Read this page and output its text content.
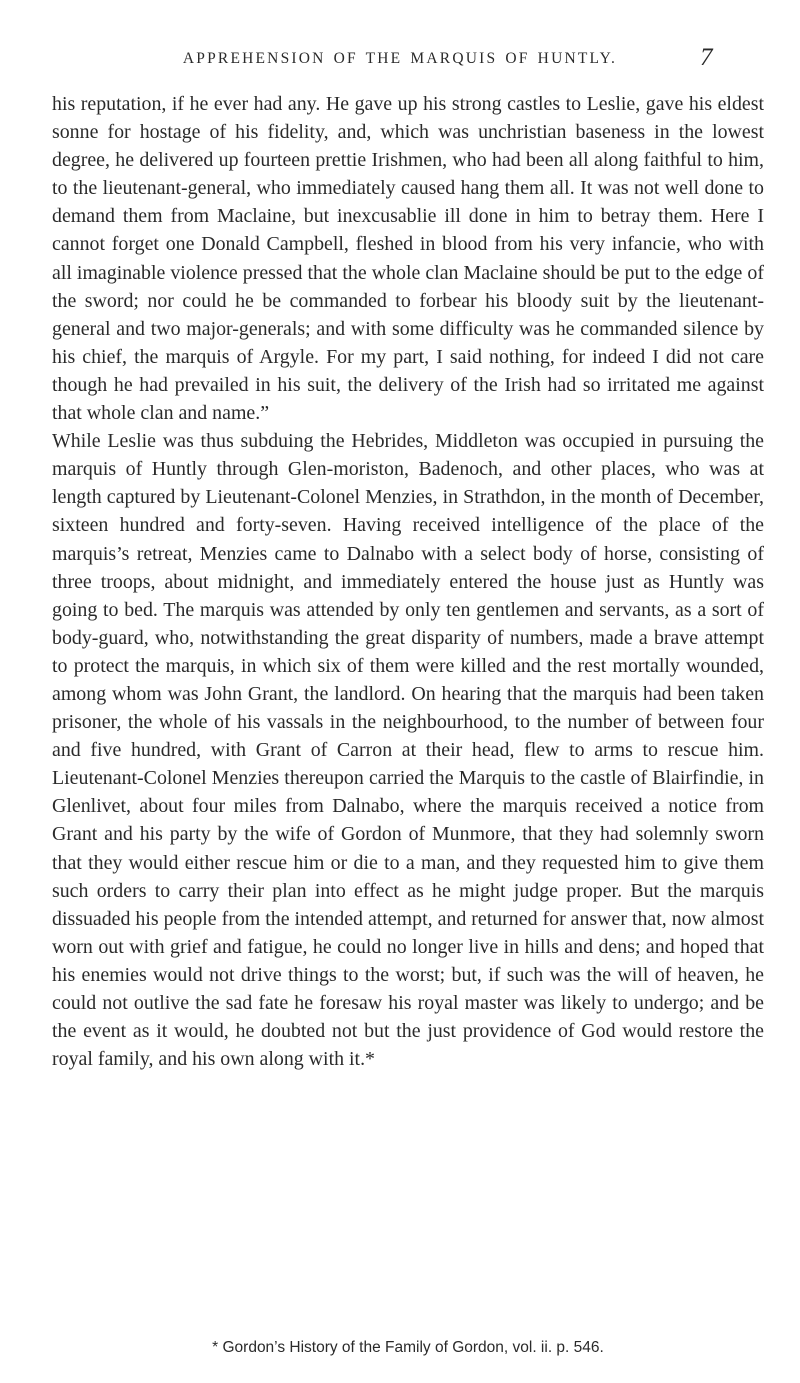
APPREHENSION OF THE MARQUIS OF HUNTLY.	7

his reputation, if he ever had any. He gave up his strong castles to Leslie, gave his eldest sonne for hostage of his fidelity, and, which was unchristian baseness in the lowest degree, he delivered up fourteen prettie Irishmen, who had been all along faithful to him, to the lieutenant-general, who immediately caused hang them all. It was not well done to demand them from Maclaine, but inexcusablie ill done in him to betray them. Here I cannot forget one Donald Campbell, fleshed in blood from his very infancie, who with all imaginable violence pressed that the whole clan Maclaine should be put to the edge of the sword; nor could he be commanded to forbear his bloody suit by the lieutenant-general and two major-generals; and with some difficulty was he commanded silence by his chief, the marquis of Argyle. For my part, I said nothing, for indeed I did not care though he had prevailed in his suit, the delivery of the Irish had so irritated me against that whole clan and name.”

While Leslie was thus subduing the Hebrides, Middleton was occupied in pursuing the marquis of Huntly through Glen-moriston, Badenoch, and other places, who was at length captured by Lieutenant-Colonel Menzies, in Strathdon, in the month of December, sixteen hundred and forty-seven. Having received intelligence of the place of the marquis’s retreat, Menzies came to Dalnabo with a select body of horse, consisting of three troops, about midnight, and immediately entered the house just as Huntly was going to bed. The marquis was attended by only ten gentlemen and servants, as a sort of body-guard, who, notwithstanding the great disparity of numbers, made a brave attempt to protect the marquis, in which six of them were killed and the rest mortally wounded, among whom was John Grant, the landlord. On hearing that the marquis had been taken prisoner, the whole of his vassals in the neighbourhood, to the number of between four and five hundred, with Grant of Carron at their head, flew to arms to rescue him. Lieutenant-Colonel Menzies thereupon carried the Marquis to the castle of Blairfindie, in Glenlivet, about four miles from Dalnabo, where the marquis received a notice from Grant and his party by the wife of Gordon of Munmore, that they had solemnly sworn that they would either rescue him or die to a man, and they requested him to give them such orders to carry their plan into effect as he might judge proper. But the marquis dissuaded his people from the intended attempt, and returned for answer that, now almost worn out with grief and fatigue, he could no longer live in hills and dens; and hoped that his enemies would not drive things to the worst; but, if such was the will of heaven, he could not outlive the sad fate he foresaw his royal master was likely to undergo; and be the event as it would, he doubted not but the just providence of God would restore the royal family, and his own along with it.*

* Gordon’s History of the Family of Gordon, vol. ii. p. 546.
